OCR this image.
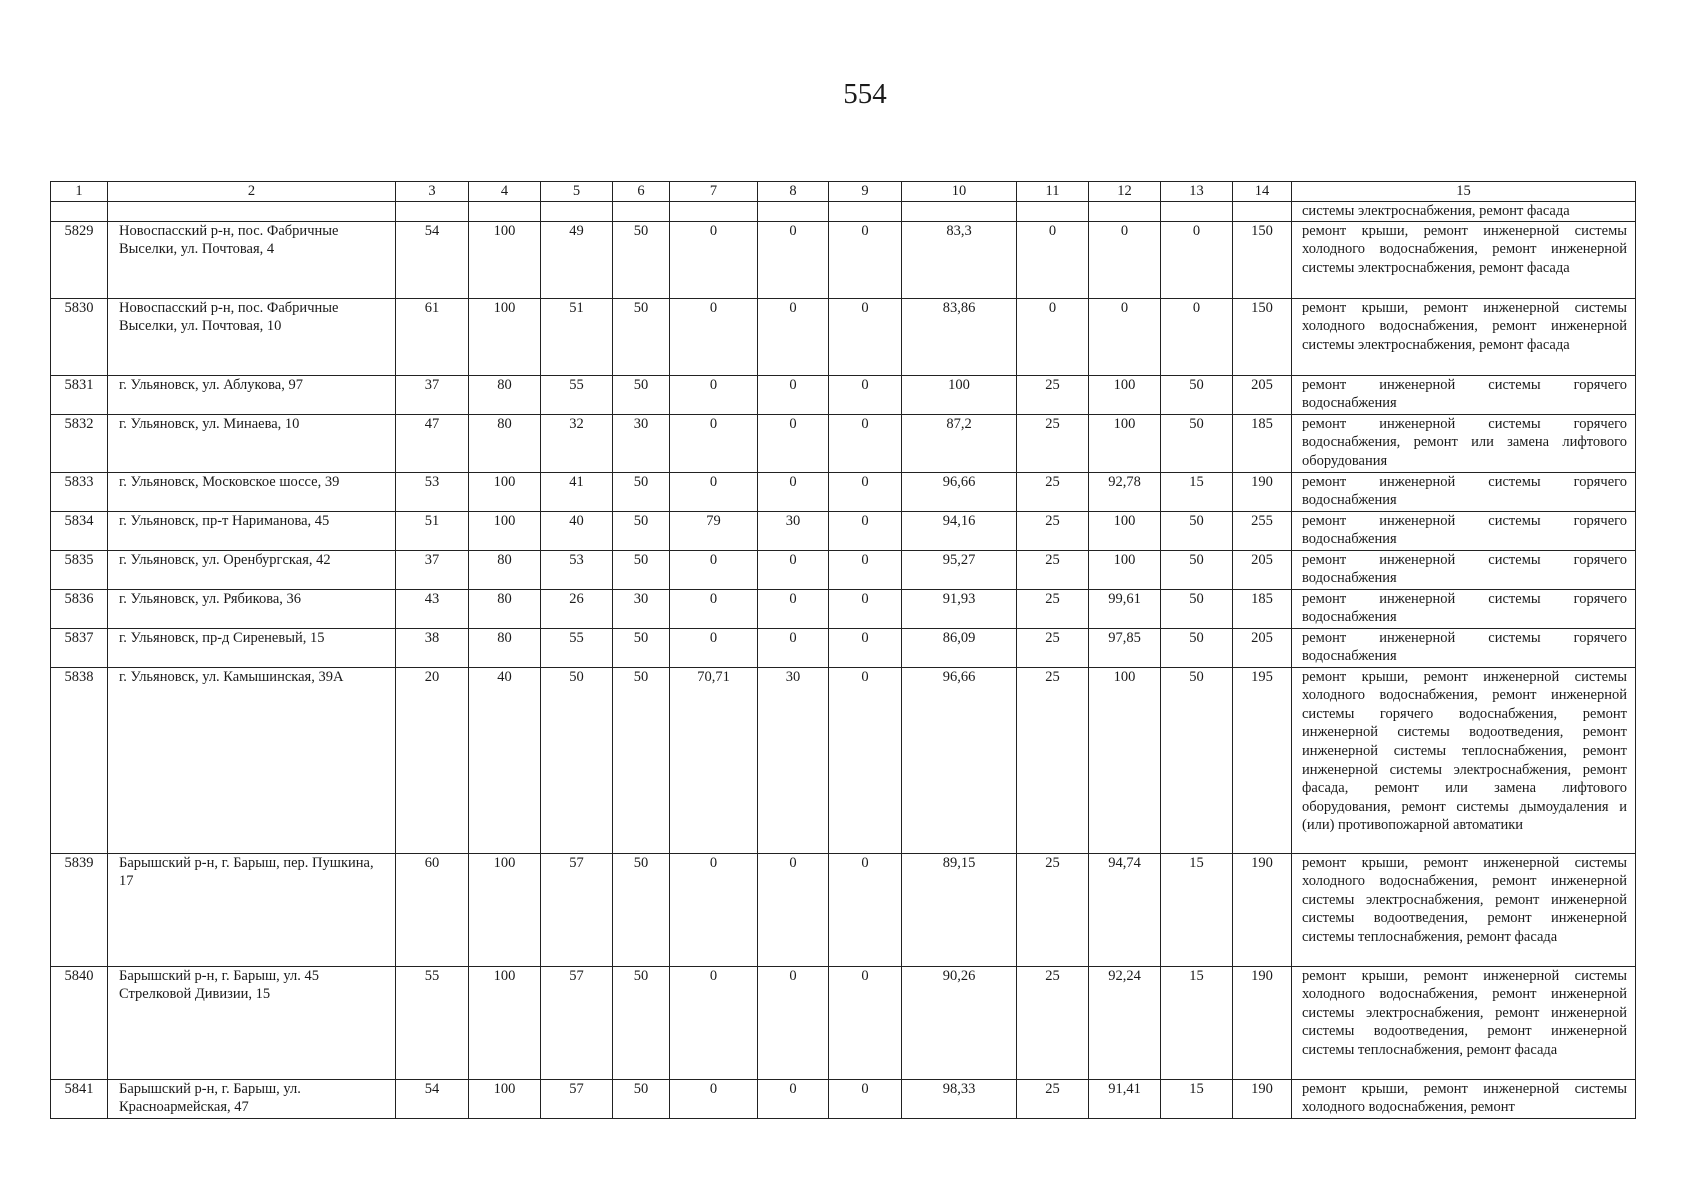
554
1	2	3	4	5	6	7	8	9	10	11	12	13	14	15
														системы электроснабжения, ремонт фасада
5829	Новоспасский р-н, пос. Фабричные Выселки, ул. Почтовая, 4	54	100	49	50	0	0	0	83,3	0	0	0	150	ремонт крыши, ремонт инженерной системы холодного водоснабжения, ремонт инженерной системы электроснабжения, ремонт фасада
5830	Новоспасский р-н, пос. Фабричные Выселки, ул. Почтовая, 10	61	100	51	50	0	0	0	83,86	0	0	0	150	ремонт крыши, ремонт инженерной системы холодного водоснабжения, ремонт инженерной системы электроснабжения, ремонт фасада
5831	г. Ульяновск, ул. Аблукова, 97	37	80	55	50	0	0	0	100	25	100	50	205	ремонт инженерной системы горячего водоснабжения
5832	г. Ульяновск, ул. Минаева, 10	47	80	32	30	0	0	0	87,2	25	100	50	185	ремонт инженерной системы горячего водоснабжения, ремонт или замена лифтового оборудования
5833	г. Ульяновск, Московское шоссе, 39	53	100	41	50	0	0	0	96,66	25	92,78	15	190	ремонт инженерной системы горячего водоснабжения
5834	г. Ульяновск, пр-т Нариманова, 45	51	100	40	50	79	30	0	94,16	25	100	50	255	ремонт инженерной системы горячего водоснабжения
5835	г. Ульяновск, ул. Оренбургская, 42	37	80	53	50	0	0	0	95,27	25	100	50	205	ремонт инженерной системы горячего водоснабжения
5836	г. Ульяновск, ул. Рябикова, 36	43	80	26	30	0	0	0	91,93	25	99,61	50	185	ремонт инженерной системы горячего водоснабжения
5837	г. Ульяновск, пр-д Сиреневый, 15	38	80	55	50	0	0	0	86,09	25	97,85	50	205	ремонт инженерной системы горячего водоснабжения
5838	г. Ульяновск, ул. Камышинская, 39А	20	40	50	50	70,71	30	0	96,66	25	100	50	195	ремонт крыши, ремонт инженерной системы холодного водоснабжения, ремонт инженерной системы горячего водоснабжения, ремонт инженерной системы водоотведения, ремонт инженерной системы теплоснабжения, ремонт инженерной системы электроснабжения, ремонт фасада, ремонт или замена лифтового оборудования, ремонт системы дымоудаления и (или) противопожарной автоматики
5839	Барышский р-н, г. Барыш, пер. Пушкина, 17	60	100	57	50	0	0	0	89,15	25	94,74	15	190	ремонт крыши, ремонт инженерной системы холодного водоснабжения, ремонт инженерной системы электроснабжения, ремонт инженерной системы водоотведения, ремонт инженерной системы теплоснабжения, ремонт фасада
5840	Барышский р-н, г. Барыш, ул. 45 Стрелковой Дивизии, 15	55	100	57	50	0	0	0	90,26	25	92,24	15	190	ремонт крыши, ремонт инженерной системы холодного водоснабжения, ремонт инженерной системы электроснабжения, ремонт инженерной системы водоотведения, ремонт инженерной системы теплоснабжения, ремонт фасада
5841	Барышский р-н, г. Барыш, ул. Красноармейская, 47	54	100	57	50	0	0	0	98,33	25	91,41	15	190	ремонт крыши, ремонт инженерной системы холодного водоснабжения, ремонт
